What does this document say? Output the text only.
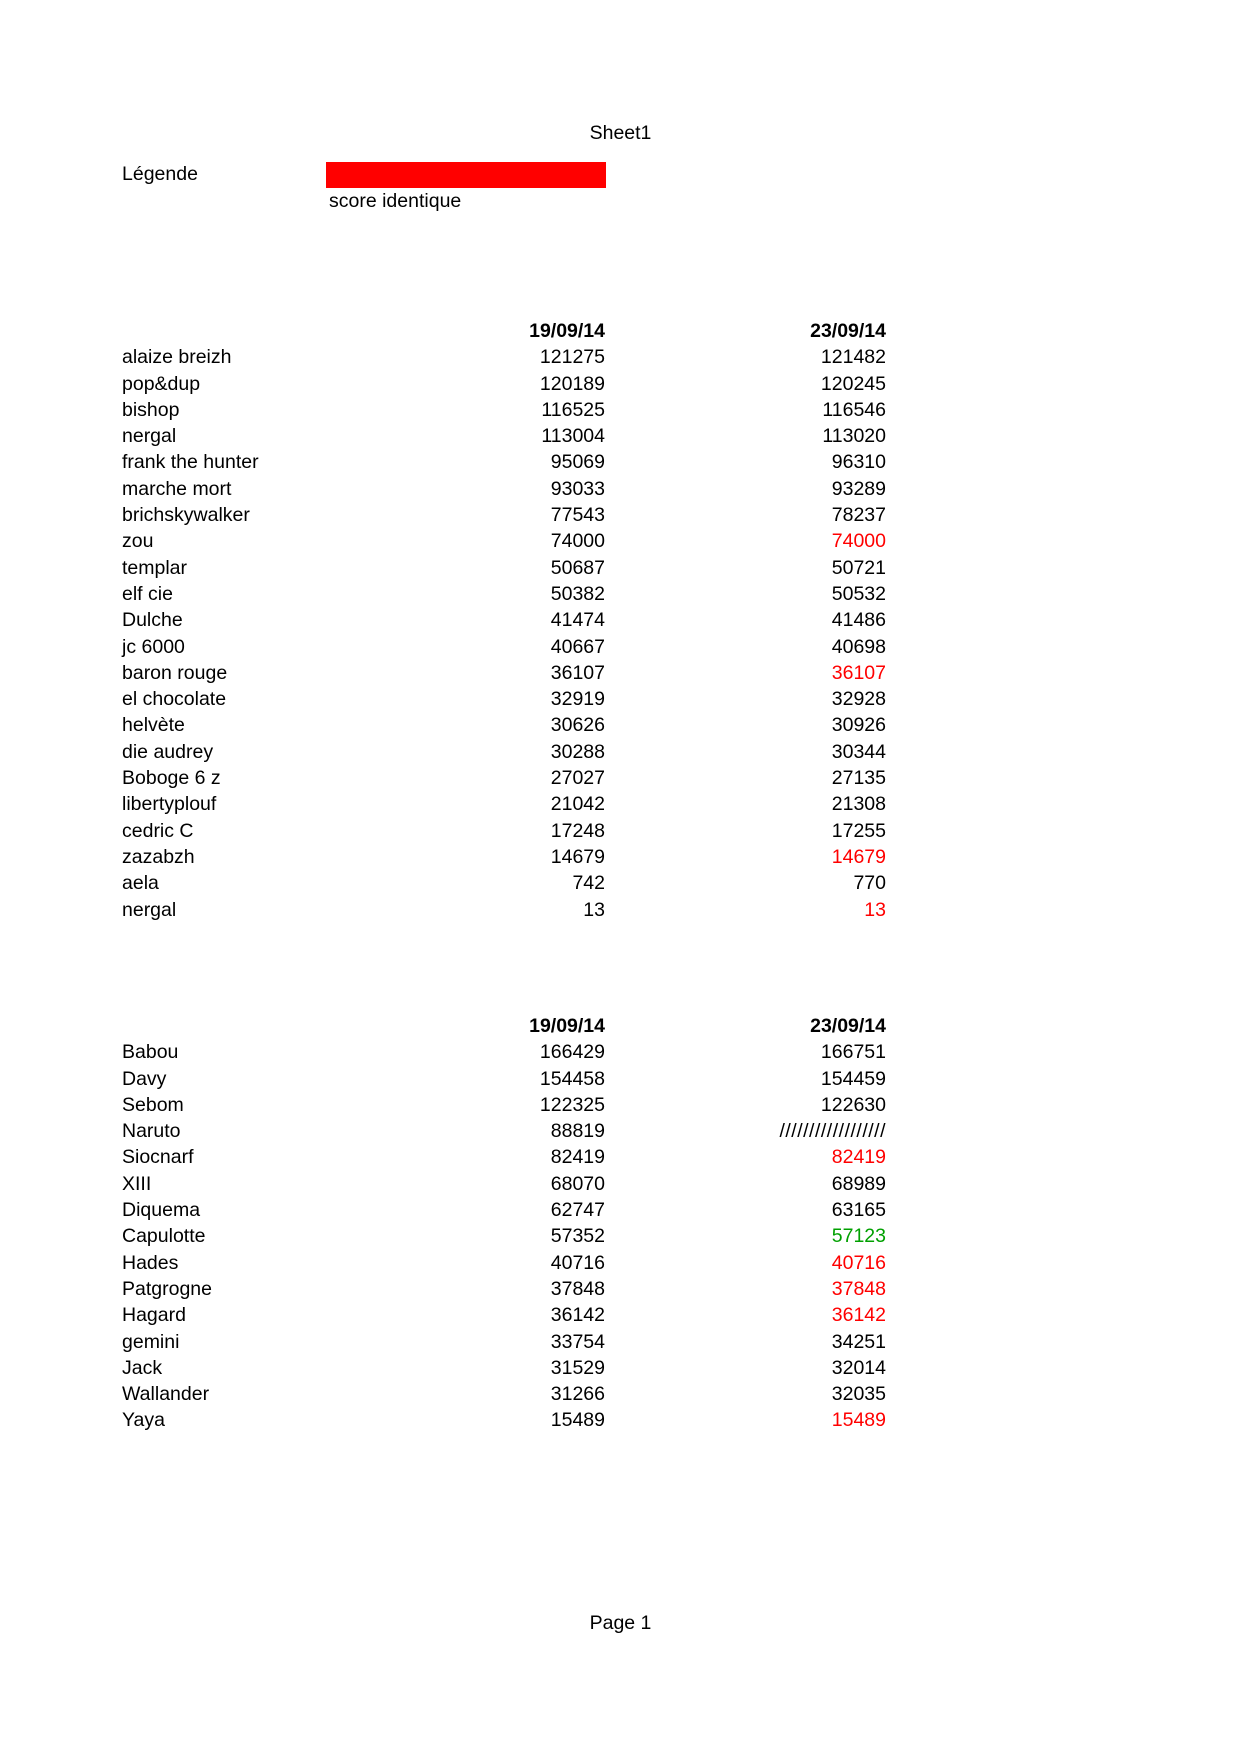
Sheet1
Légende
score identique
19/09/14	23/09/14
alaize breizh	121275	121482
pop&dup	120189	120245
bishop	116525	116546
nergal	113004	113020
frank the hunter	95069	96310
marche mort	93033	93289
brichskywalker	77543	78237
zou	74000	74000
templar	50687	50721
elf cie	50382	50532
Dulche	41474	41486
jc 6000	40667	40698
baron rouge	36107	36107
el chocolate	32919	32928
helvète	30626	30926
die audrey	30288	30344
Boboge 6 z	27027	27135
libertyplouf	21042	21308
cedric C	17248	17255
zazabzh	14679	14679
aela	742	770
nergal	13	13
19/09/14	23/09/14
Babou	166429	166751
Davy	154458	154459
Sebom	122325	122630
Naruto	88819	//////////////////
Siocnarf	82419	82419
XIII	68070	68989
Diquema	62747	63165
Capulotte	57352	57123
Hades	40716	40716
Patgrogne	37848	37848
Hagard	36142	36142
gemini	33754	34251
Jack	31529	32014
Wallander	31266	32035
Yaya	15489	15489
Page 1
